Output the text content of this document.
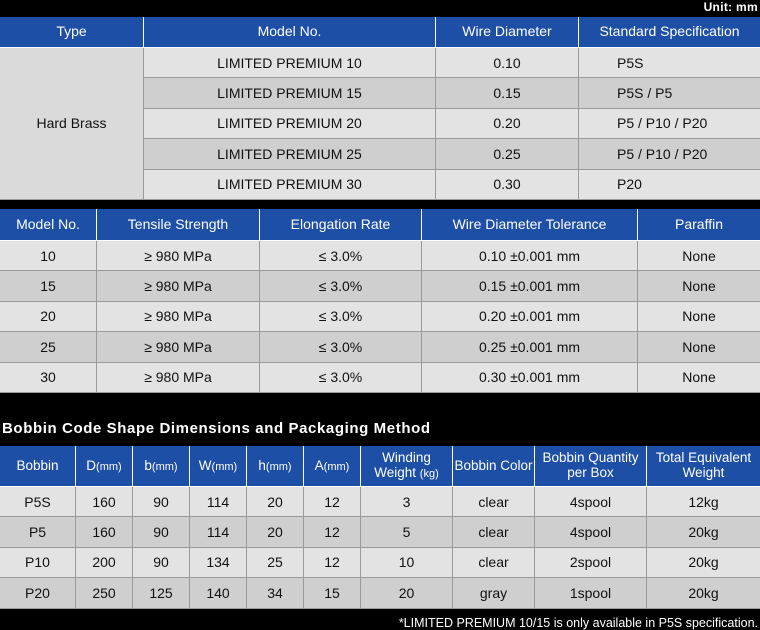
Unit: mm
Type	Model No.	Wire Diameter	Standard Specification
Hard Brass	LIMITED PREMIUM 10	0.10	P5S
	LIMITED PREMIUM 15	0.15	P5S / P5
	LIMITED PREMIUM 20	0.20	P5 / P10 / P20
	LIMITED PREMIUM 25	0.25	P5 / P10 / P20
	LIMITED PREMIUM 30	0.30	P20
Model No.	Tensile Strength	Elongation Rate	Wire Diameter Tolerance	Paraffin
10	≥ 980 MPa	≤ 3.0%	0.10 ±0.001 mm	None
15	≥ 980 MPa	≤ 3.0%	0.15 ±0.001 mm	None
20	≥ 980 MPa	≤ 3.0%	0.20 ±0.001 mm	None
25	≥ 980 MPa	≤ 3.0%	0.25 ±0.001 mm	None
30	≥ 980 MPa	≤ 3.0%	0.30 ±0.001 mm	None
Bobbin Code Shape Dimensions and Packaging Method
Bobbin	D(mm)	b(mm)	W(mm)	h(mm)	A(mm)	Winding Weight (kg)	Bobbin Color	Bobbin Quantity per Box	Total Equivalent Weight
P5S	160	90	114	20	12	3	clear	4spool	12kg
P5	160	90	114	20	12	5	clear	4spool	20kg
P10	200	90	134	25	12	10	clear	2spool	20kg
P20	250	125	140	34	15	20	gray	1spool	20kg
*LIMITED PREMIUM 10/15 is only available in P5S specification.
